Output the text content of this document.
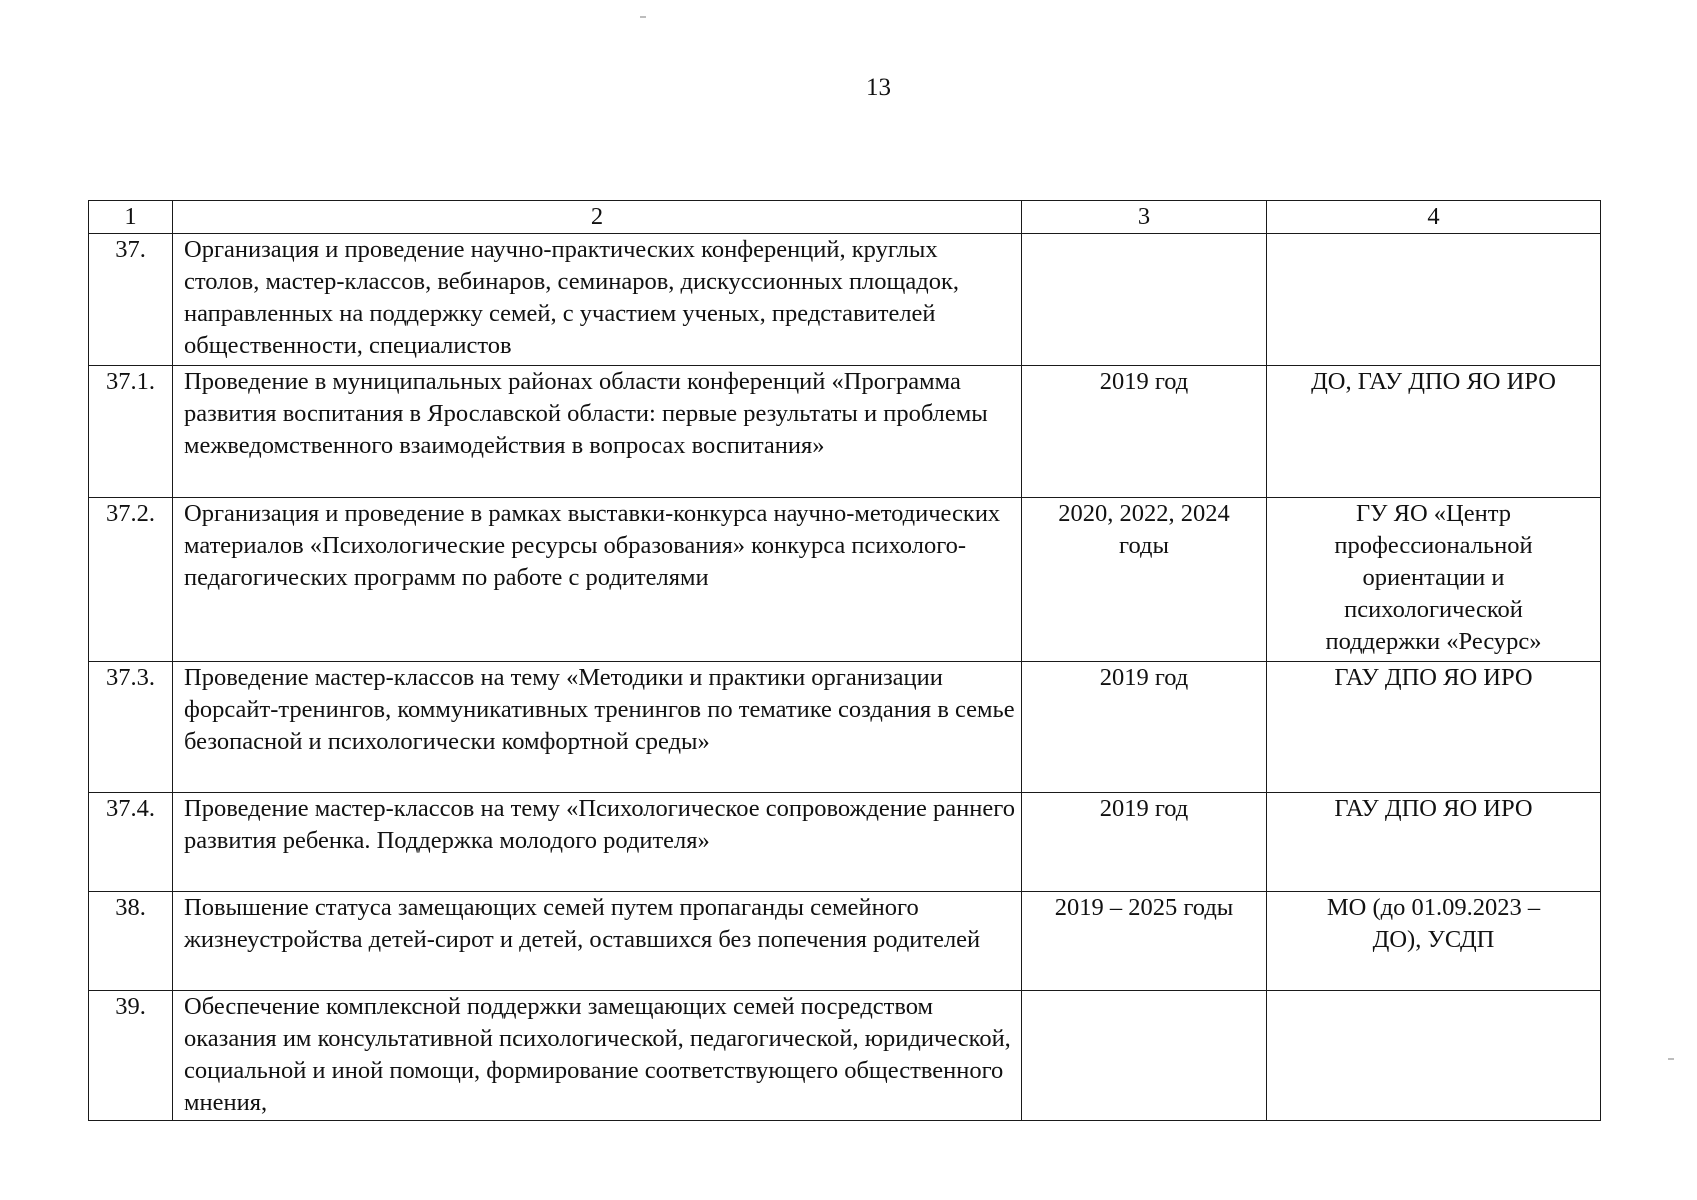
13
1	2	3	4
37.	Организация и проведение научно-практических конференций, круглых столов, мастер-классов, вебинаров, семинаров, дискуссионных площадок, направленных на поддержку семей, с участием ученых, представителей общественности, специалистов		
37.1.	Проведение в муниципальных районах области конференций «Программа развития воспитания в Ярославской области: первые результаты и проблемы межведомственного взаимодействия в вопросах воспитания»	2019 год	ДО, ГАУ ДПО ЯО ИРО
37.2.	Организация и проведение в рамках выставки-конкурса научно-методических материалов «Психологические ресурсы образования» конкурса психолого-педагогических программ по работе с родителями	2020, 2022, 2024 годы	ГУ ЯО «Центр профессиональной ориентации и психологической поддержки «Ресурс»
37.3.	Проведение мастер-классов на тему «Методики и практики организации форсайт-тренингов, коммуникативных тренингов по тематике создания в семье безопасной и психологически комфортной среды»	2019 год	ГАУ ДПО ЯО ИРО
37.4.	Проведение мастер-классов на тему «Психологическое сопровождение раннего развития ребенка. Поддержка молодого родителя»	2019 год	ГАУ ДПО ЯО ИРО
38.	Повышение статуса замещающих семей путем пропаганды семейного жизнеустройства детей-сирот и детей, оставшихся без попечения родителей	2019 – 2025 годы	МО (до 01.09.2023 – ДО), УСДП
39.	Обеспечение комплексной поддержки замещающих семей посредством оказания им консультативной психологической, педагогической, юридической, социальной и иной помощи, формирование соответствующего общественного мнения,		
